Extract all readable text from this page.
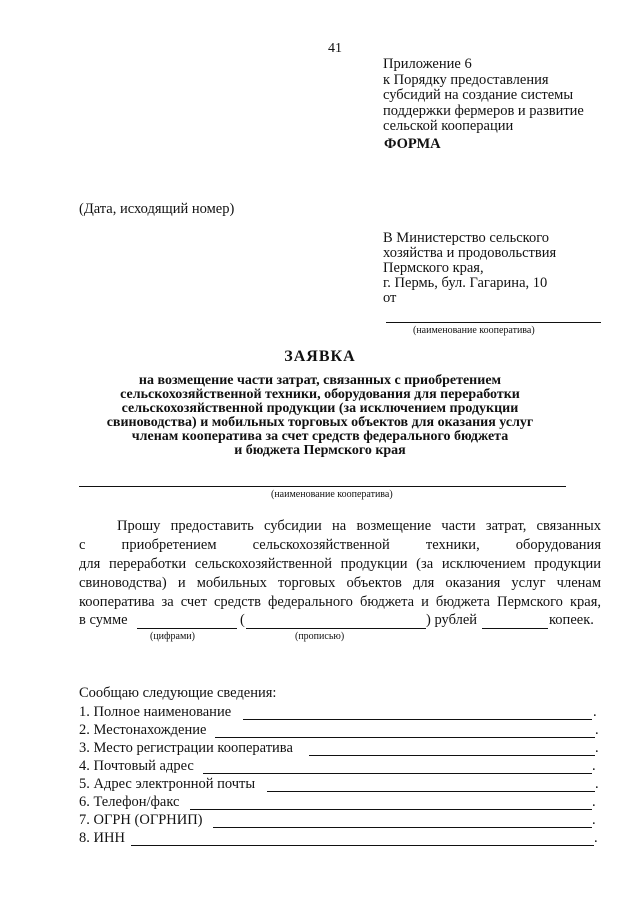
41
Приложение 6
к Порядку предоставления
субсидий на создание системы
поддержки фермеров и развитие
сельской кооперации
ФОРМА
(Дата, исходящий номер)
В Министерство сельского
хозяйства и продовольствия
Пермского края,
г. Пермь, бул. Гагарина, 10
от
(наименование кооператива)
ЗАЯВКА
на возмещение части затрат, связанных с приобретением
сельскохозяйственной техники, оборудования для переработки
сельскохозяйственной продукции (за исключением продукции
свиноводства) и мобильных торговых объектов для оказания услуг
членам кооператива за счет средств федерального бюджета
и бюджета Пермского края
(наименование кооператива)
Прошу предоставить субсидии на возмещение части затрат, связанных
с приобретением сельскохозяйственной техники, оборудования
для переработки сельскохозяйственной продукции (за исключением продукции
свиноводства) и мобильных торговых объектов для оказания услуг членам
кооператива за счет средств федерального бюджета и бюджета Пермского края,
в сумме	(	) рублей	копеек.
(цифрами)	(прописью)
Сообщаю следующие сведения:
1. Полное наименование	.
2. Местонахождение	.
3. Место регистрации кооператива	.
4. Почтовый адрес	.
5. Адрес электронной почты	.
6. Телефон/факс	.
7. ОГРН (ОГРНИП)	.
8. ИНН	.
